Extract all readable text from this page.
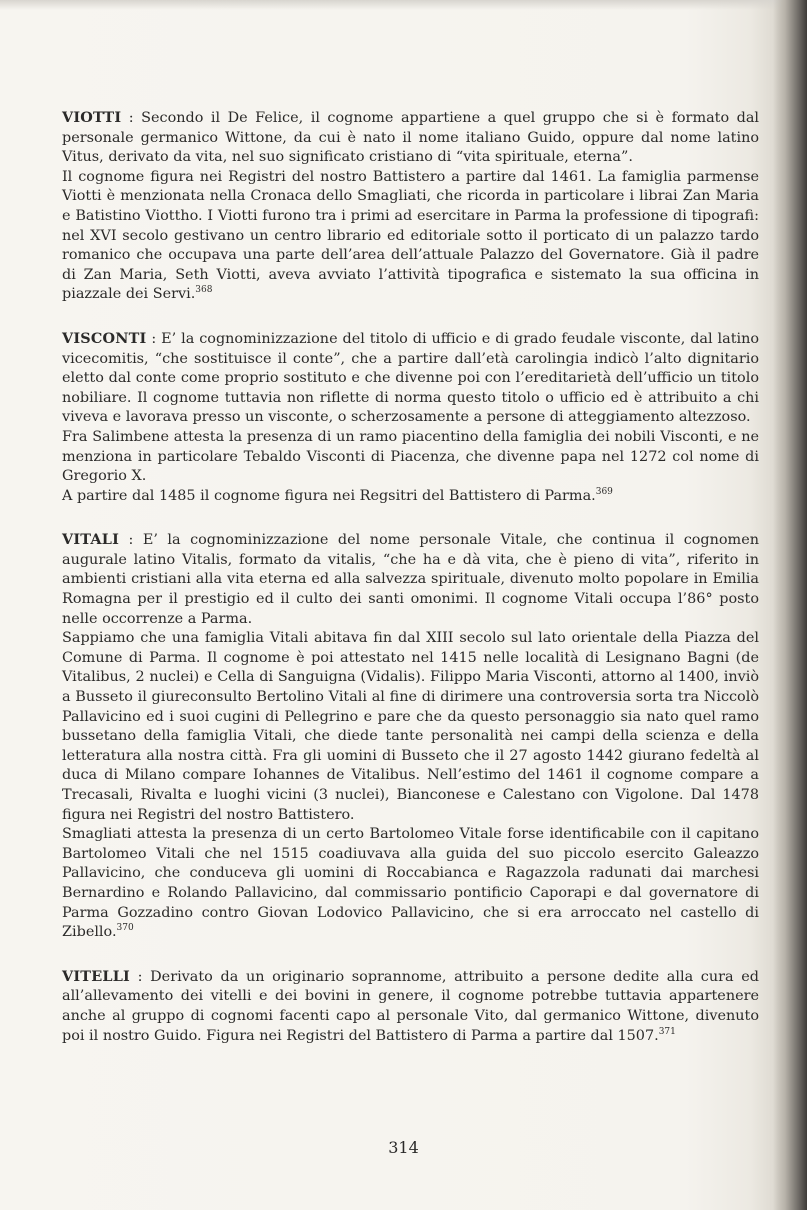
VIOTTI : Secondo il De Felice, il cognome appartiene a quel gruppo che si è formato dal personale germanico Wittone, da cui è nato il nome italiano Guido, oppure dal nome latino Vitus, derivato da vita, nel suo significato cristiano di “vita spirituale, eterna”.

Il cognome figura nei Registri del nostro Battistero a partire dal 1461. La famiglia parmense Viotti è menzionata nella Cronaca dello Smagliati, che ricorda in particolare i librai Zan Maria e Batistino Viottho. I Viotti furono tra i primi ad esercitare in Parma la professione di tipografi: nel XVI secolo gestivano un centro librario ed editoriale sotto il porticato di un palazzo tardo romanico che occupava una parte dell’area dell’attuale Palazzo del Governatore. Già il padre di Zan Maria, Seth Viotti, aveva avviato l’attività tipografica e sistemato la sua officina in piazzale dei Servi.$^{368}$

VISCONTI : E’ la cognominizzazione del titolo di ufficio e di grado feudale visconte, dal latino vicecomitis, “che sostituisce il conte”, che a partire dall’età carolingia indicò l’alto dignitario eletto dal conte come proprio sostituto e che divenne poi con l’ereditarietà dell’ufficio un titolo nobiliare. Il cognome tuttavia non riflette di norma questo titolo o ufficio ed è attribuito a chi viveva e lavorava presso un visconte, o scherzosamente a persone di atteggiamento altezzoso.

Fra Salimbene attesta la presenza di un ramo piacentino della famiglia dei nobili Visconti, e ne menziona in particolare Tebaldo Visconti di Piacenza, che divenne papa nel 1272 col nome di Gregorio X.

A partire dal 1485 il cognome figura nei Regsitri del Battistero di Parma.$^{369}$

VITALI : E’ la cognominizzazione del nome personale Vitale, che continua il cognomen augurale latino Vitalis, formato da vitalis, “che ha e dà vita, che è pieno di vita”, riferito in ambienti cristiani alla vita eterna ed alla salvezza spirituale, divenuto molto popolare in Emilia Romagna per il prestigio ed il culto dei santi omonimi. Il cognome Vitali occupa l’86° posto nelle occorrenze a Parma.

Sappiamo che una famiglia Vitali abitava fin dal XIII secolo sul lato orientale della Piazza del Comune di Parma. Il cognome è poi attestato nel 1415 nelle località di Lesignano Bagni (de Vitalibus, 2 nuclei) e Cella di Sanguigna (Vidalis). Filippo Maria Visconti, attorno al 1400, inviò a Busseto il giureconsulto Bertolino Vitali al fine di dirimere una controversia sorta tra Niccolò Pallavicino ed i suoi cugini di Pellegrino e pare che da questo personaggio sia nato quel ramo bussetano della famiglia Vitali, che diede tante personalità nei campi della scienza e della letteratura alla nostra città. Fra gli uomini di Busseto che il 27 agosto 1442 giurano fedeltà al duca di Milano compare Iohannes de Vitalibus. Nell’estimo del 1461 il cognome compare a Trecasali, Rivalta e luoghi vicini (3 nuclei), Bianconese e Calestano con Vigolone. Dal 1478 figura nei Registri del nostro Battistero.

Smagliati attesta la presenza di un certo Bartolomeo Vitale forse identificabile con il capitano Bartolomeo Vitali che nel 1515 coadiuvava alla guida del suo piccolo esercito Galeazzo Pallavicino, che conduceva gli uomini di Roccabianca e Ragazzola radunati dai marchesi Bernardino e Rolando Pallavicino, dal commissario pontificio Caporapi e dal governatore di Parma Gozzadino contro Giovan Lodovico Pallavicino, che si era arroccato nel castello di Zibello.$^{370}$

VITELLI : Derivato da un originario soprannome, attribuito a persone dedite alla cura ed all’allevamento dei vitelli e dei bovini in genere, il cognome potrebbe tuttavia appartenere anche al gruppo di cognomi facenti capo al personale Vito, dal germanico Wittone, divenuto poi il nostro Guido. Figura nei Registri del Battistero di Parma a partire dal 1507.$^{371}$

314
